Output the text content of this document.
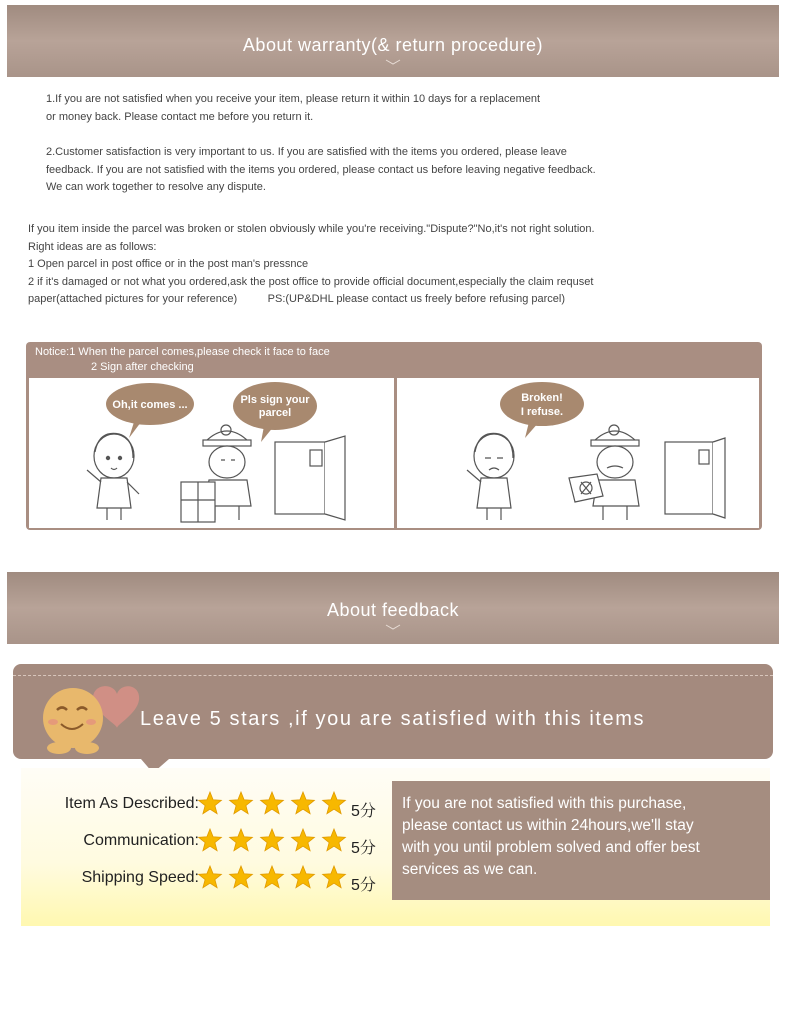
About warranty(& return procedure)
1.If you are not satisfied when you receive your item, please return it within 10 days for a replacement
or money back. Please contact me before you return it.
2.Customer satisfaction is very important to us. If you are satisfied with the items you ordered, please leave
feedback. If you are not satisfied with the items you ordered, please contact us before leaving negative feedback.
We can work together to resolve any dispute.
If you item inside the parcel was broken or stolen obviously while you're receiving."Dispute?"No,it's not right solution.
Right ideas are as follows:
1 Open parcel in post office or in the post man's pressnce
2 if it's damaged or not what you ordered,ask the post office to provide official document,especially the claim requset
paper(attached pictures for your reference)          PS:(UP&DHL please contact us freely before refusing parcel)
Notice:1 When the parcel comes,please check it face to face
2 Sign after checking
Oh,it comes ...	Pls sign your
parcel
Broken!
I refuse.
About feedback
Leave 5 stars ,if you are satisfied with this items
Item As Described:	5分
Communication:	5分
Shipping Speed:	5分
If you are not satisfied with this purchase,
please contact us within 24hours,we'll stay
with you until problem solved and offer best
services as we can.
